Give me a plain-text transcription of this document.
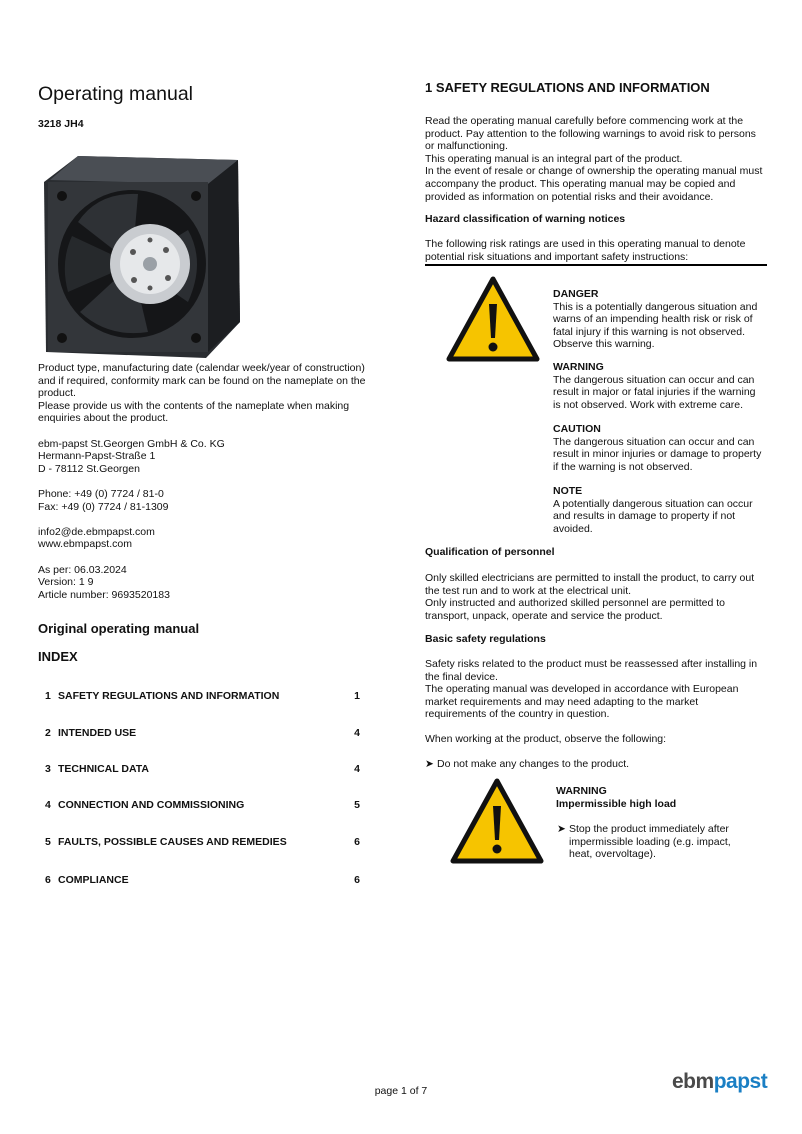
Operating manual
3218 JH4

Product type, manufacturing date (calendar week/year of construction) and if required, conformity mark can be found on the nameplate on the product.

Please provide us with the contents of the nameplate when making enquiries about the product.

ebm-papst St.Georgen GmbH & Co. KG

Hermann-Papst-Straße 1

D - 78112 St.Georgen

Phone: +49 (0) 7724 / 81-0

Fax: +49 (0) 7724 / 81-1309

info2@de.ebmpapst.com

www.ebmpapst.com

As per: 06.03.2024

Version: 1 9

Article number: 9693520183

Original operating manual
INDEX
1 SAFETY REGULATIONS AND INFORMATION	1
2 INTENDED USE	4
3 TECHNICAL DATA	4
4 CONNECTION AND COMMISSIONING	5
5 FAULTS, POSSIBLE CAUSES AND REMEDIES	6
6 COMPLIANCE	6
1 SAFETY REGULATIONS AND INFORMATION

Read the operating manual carefully before commencing work at the product. Pay attention to the following warnings to avoid risk to persons or malfunctioning.

This operating manual is an integral part of the product.

In the event of resale or change of ownership the operating manual must accompany the product. This operating manual may be copied and provided as information on potential risks and their avoidance.

Hazard classification of warning notices

The following risk ratings are used in this operating manual to denote potential risk situations and important safety instructions:

DANGER

This is a potentially dangerous situation and warns of an impending health risk or risk of fatal injury if this warning is not observed. Observe this warning.

WARNING

The dangerous situation can occur and can result in major or fatal injuries if the warning is not observed. Work with extreme care.

CAUTION

The dangerous situation can occur and can result in minor injuries or damage to property if the warning is not observed.

NOTE

A potentially dangerous situation can occur and results in damage to property if not avoided.

Qualification of personnel

Only skilled electricians are permitted to install the product, to carry out the test run and to work at the electrical unit.

Only instructed and authorized skilled personnel are permitted to transport, unpack, operate and service the product.

Basic safety regulations

Safety risks related to the product must be reassessed after installing in the final device.

The operating manual was developed in accordance with European market requirements and may need adapting to the market requirements of the country in question.

When working at the product, observe the following:

➤ Do not make any changes to the product.

WARNING

Impermissible high load

➤ Stop the product immediately after impermissible loading (e.g. impact, heat, overvoltage).
page 1 of 7	ebmpapst
